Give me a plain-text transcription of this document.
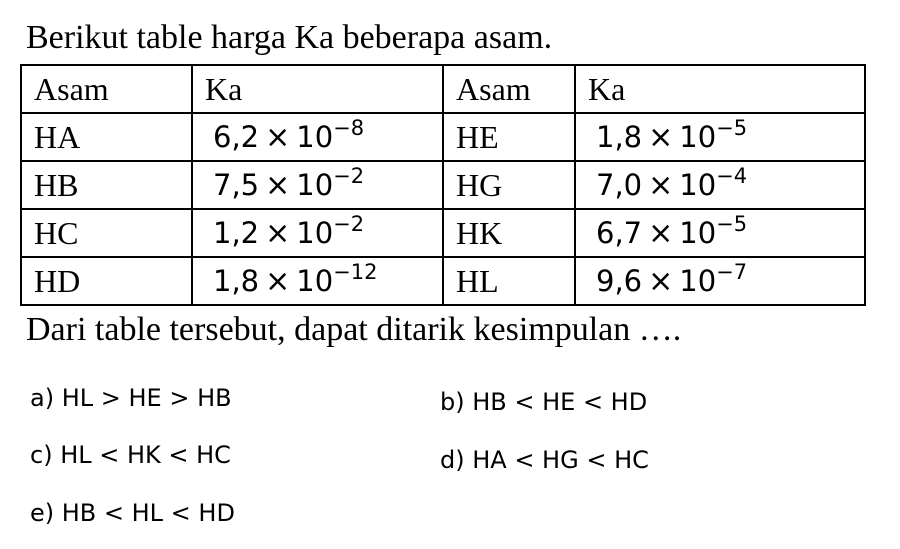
Berikut table harga Ka beberapa asam.
Asam	Ka	Asam	Ka
HA	$6,2 \times 10^{-8}$	HE	$1,8 \times 10^{-5}$
HB	$7,5 \times 10^{-2}$	HG	$7,0 \times 10^{-4}$
HC	$1,2 \times 10^{-2}$	HK	$6,7 \times 10^{-5}$
HD	$1,8 \times 10^{-12}$	HL	$9,6 \times 10^{-7}$
Dari table tersebut, dapat ditarik kesimpulan ….
a) HL > HE > HB	b) HB < HE < HD
c) HL < HK < HC	d) HA < HG < HC
e) HB < HL < HD
